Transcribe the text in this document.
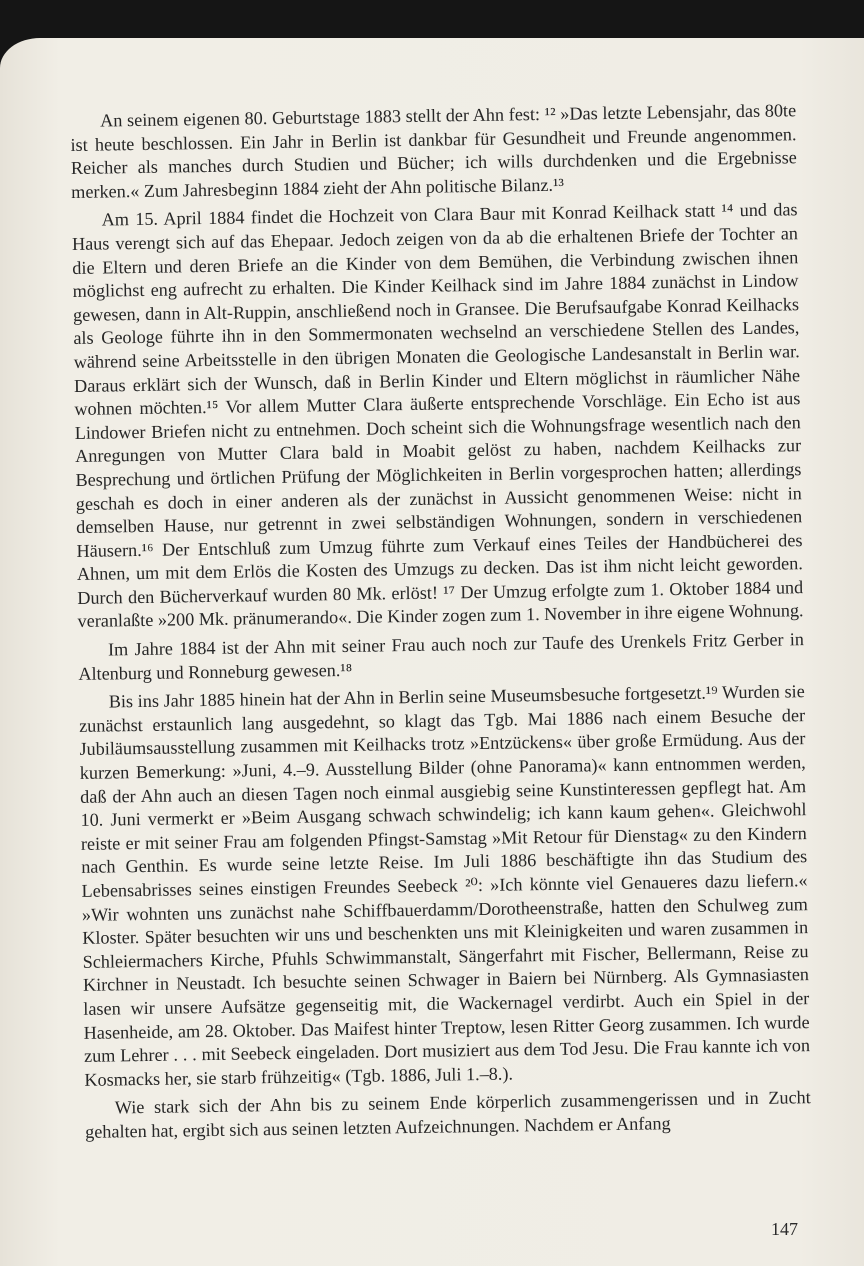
An seinem eigenen 80. Geburtstage 1883 stellt der Ahn fest: ¹² »Das letzte Lebensjahr, das 80te ist heute beschlossen. Ein Jahr in Berlin ist dankbar für Gesundheit und Freunde angenommen. Reicher als manches durch Studien und Bücher; ich wills durchdenken und die Ergebnisse merken.« Zum Jahresbeginn 1884 zieht der Ahn politische Bilanz.¹³

Am 15. April 1884 findet die Hochzeit von Clara Baur mit Konrad Keilhack statt ¹⁴ und das Haus verengt sich auf das Ehepaar. Jedoch zeigen von da ab die erhaltenen Briefe der Tochter an die Eltern und deren Briefe an die Kinder von dem Bemühen, die Verbindung zwischen ihnen möglichst eng aufrecht zu erhalten. Die Kinder Keilhack sind im Jahre 1884 zunächst in Lindow gewesen, dann in Alt-Ruppin, anschließend noch in Gransee. Die Berufsaufgabe Konrad Keilhacks als Geologe führte ihn in den Sommermonaten wechselnd an verschiedene Stellen des Landes, während seine Arbeitsstelle in den übrigen Monaten die Geologische Landesanstalt in Berlin war. Daraus erklärt sich der Wunsch, daß in Berlin Kinder und Eltern möglichst in räumlicher Nähe wohnen möchten.¹⁵ Vor allem Mutter Clara äußerte entsprechende Vorschläge. Ein Echo ist aus Lindower Briefen nicht zu entnehmen. Doch scheint sich die Wohnungsfrage wesentlich nach den Anregungen von Mutter Clara bald in Moabit gelöst zu haben, nachdem Keilhacks zur Besprechung und örtlichen Prüfung der Möglichkeiten in Berlin vorgesprochen hatten; allerdings geschah es doch in einer anderen als der zunächst in Aussicht genommenen Weise: nicht in demselben Hause, nur getrennt in zwei selbständigen Wohnungen, sondern in verschiedenen Häusern.¹⁶ Der Entschluß zum Umzug führte zum Verkauf eines Teiles der Handbücherei des Ahnen, um mit dem Erlös die Kosten des Umzugs zu decken. Das ist ihm nicht leicht geworden. Durch den Bücherverkauf wurden 80 Mk. erlöst! ¹⁷ Der Umzug erfolgte zum 1. Oktober 1884 und veranlaßte »200 Mk. pränumerando«. Die Kinder zogen zum 1. November in ihre eigene Wohnung.

Im Jahre 1884 ist der Ahn mit seiner Frau auch noch zur Taufe des Urenkels Fritz Gerber in Altenburg und Ronneburg gewesen.¹⁸

Bis ins Jahr 1885 hinein hat der Ahn in Berlin seine Museumsbesuche fortgesetzt.¹⁹ Wurden sie zunächst erstaunlich lang ausgedehnt, so klagt das Tgb. Mai 1886 nach einem Besuche der Jubiläumsausstellung zusammen mit Keilhacks trotz »Entzückens« über große Ermüdung. Aus der kurzen Bemerkung: »Juni, 4.–9. Ausstellung Bilder (ohne Panorama)« kann entnommen werden, daß der Ahn auch an diesen Tagen noch einmal ausgiebig seine Kunstinteressen gepflegt hat. Am 10. Juni vermerkt er »Beim Ausgang schwach schwindelig; ich kann kaum gehen«. Gleichwohl reiste er mit seiner Frau am folgenden Pfingst-Samstag »Mit Retour für Dienstag« zu den Kindern nach Genthin. Es wurde seine letzte Reise. Im Juli 1886 beschäftigte ihn das Studium des Lebensabrisses seines einstigen Freundes Seebeck ²⁰: »Ich könnte viel Genaueres dazu liefern.« »Wir wohnten uns zunächst nahe Schiffbauerdamm/Dorotheenstraße, hatten den Schulweg zum Kloster. Später besuchten wir uns und beschenkten uns mit Kleinigkeiten und waren zusammen in Schleiermachers Kirche, Pfuhls Schwimmanstalt, Sängerfahrt mit Fischer, Bellermann, Reise zu Kirchner in Neustadt. Ich besuchte seinen Schwager in Baiern bei Nürnberg. Als Gymnasiasten lasen wir unsere Aufsätze gegenseitig mit, die Wackernagel verdirbt. Auch ein Spiel in der Hasenheide, am 28. Oktober. Das Maifest hinter Treptow, lesen Ritter Georg zusammen. Ich wurde zum Lehrer . . . mit Seebeck eingeladen. Dort musiziert aus dem Tod Jesu. Die Frau kannte ich von Kosmacks her, sie starb frühzeitig« (Tgb. 1886, Juli 1.–8.).

Wie stark sich der Ahn bis zu seinem Ende körperlich zusammengerissen und in Zucht gehalten hat, ergibt sich aus seinen letzten Aufzeichnungen. Nachdem er Anfang

147
